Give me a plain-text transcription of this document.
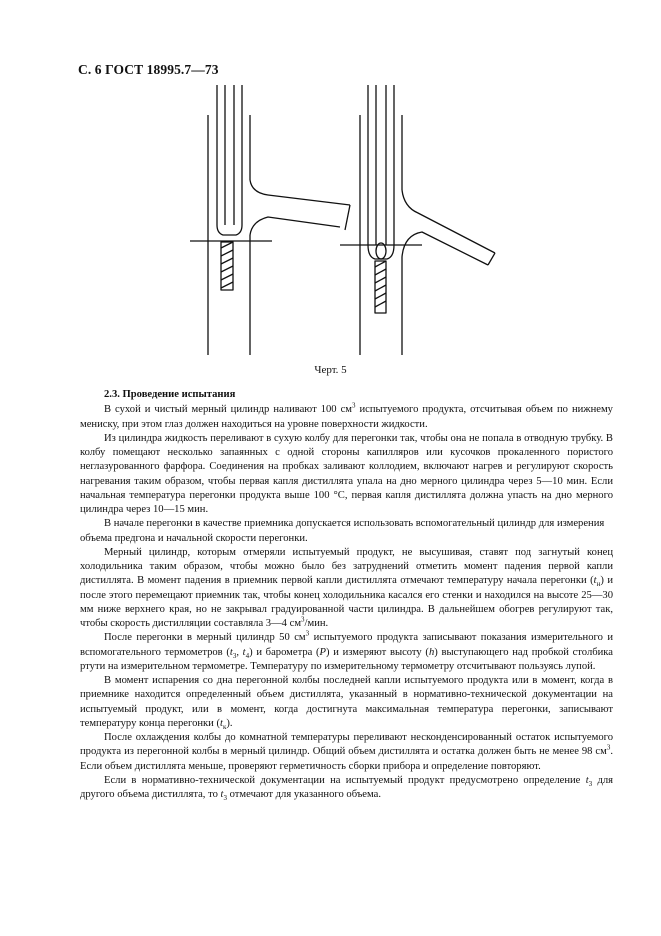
С. 6 ГОСТ 18995.7—73
Черт. 5
2.3. Проведение испытания

В сухой и чистый мерный цилиндр наливают 100 $см^3$ испытуемого продукта, отсчитывая объем по нижнему мениску, при этом глаз должен находиться на уровне поверхности жидкости.

Из цилиндра жидкость переливают в сухую колбу для перегонки так, чтобы она не попала в отводную трубку. В колбу помещают несколько запаянных с одной стороны капилляров или кусочков прокаленного пористого неглазурованного фарфора. Соединения на пробках заливают коллодием, включают нагрев и регулируют скорость нагревания таким образом, чтобы первая капля дистиллята упала на дно мерного цилиндра через 5—10 мин. Если начальная температура перегонки продукта выше 100 °С, первая капля дистиллята должна упасть на дно мерного цилиндра через 10—15 мин.

В начале перегонки в качестве приемника допускается использовать вспомогательный цилиндр для измерения объема предгона и начальной скорости перегонки.

Мерный цилиндр, которым отмеряли испытуемый продукт, не высушивая, ставят под загнутый конец холодильника таким образом, чтобы можно было без затруднений отметить момент падения первой капли дистиллята. В момент падения в приемник первой капли дистиллята отмечают температуру начала перегонки $(t_н)$ и после этого перемещают приемник так, чтобы конец холодильника касался его стенки и находился на высоте 25—30 мм ниже верхнего края, но не закрывал градуированной части цилиндра. В дальнейшем обогрев регулируют так, чтобы скорость дистилляции составляла 3—4 $см^3$/мин.

После перегонки в мерный цилиндр 50 $см^3$ испытуемого продукта записывают показания измерительного и вспомогательного термометров ($t_3$, $t_4$) и барометра (P) и измеряют высоту (h) выступающего над пробкой столбика ртути на измерительном термометре. Температуру по измерительному термометру отсчитывают пользуясь лупой.

В момент испарения со дна перегонной колбы последней капли испытуемого продукта или в момент, когда в приемнике находится определенный объем дистиллята, указанный в нормативно-технической документации на испытуемый продукт, или в момент, когда достигнута максимальная температура перегонки, записывают температуру конца перегонки $(t_к)$.

После охлаждения колбы до комнатной температуры переливают несконденсированный остаток испытуемого продукта из перегонной колбы в мерный цилиндр. Общий объем дистиллята и остатка должен быть не менее 98 $см^3$. Если объем дистиллята меньше, проверяют герметичность сборки прибора и определение повторяют.

Если в нормативно-технической документации на испытуемый продукт предусмотрено определение $t_3$ для другого объема дистиллята, то $t_3$ отмечают для указанного объема.
